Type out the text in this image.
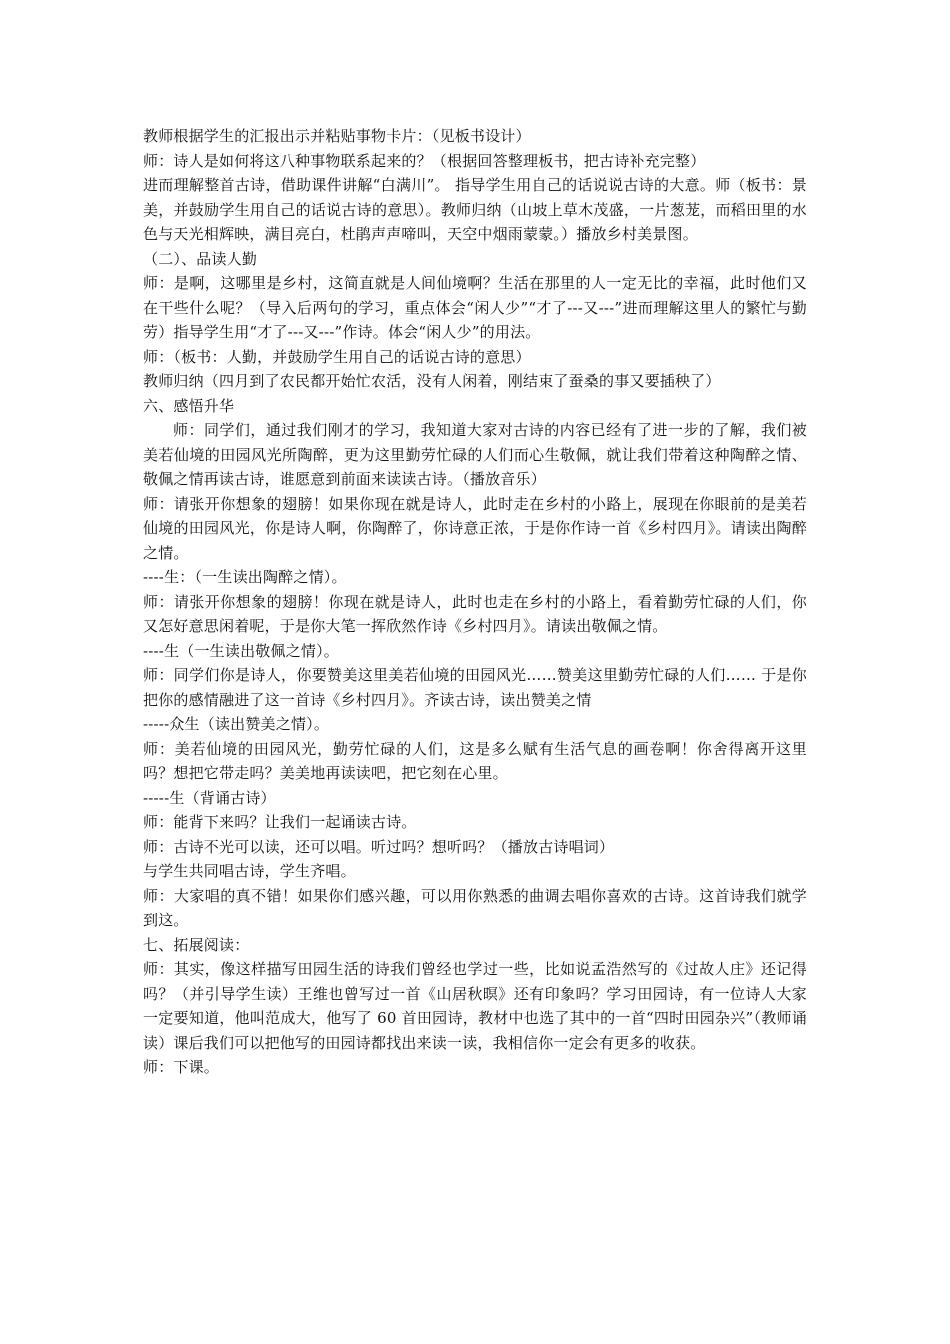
教师根据学生的汇报出示并粘贴事物卡片：（见板书设计）

师：诗人是如何将这八种事物联系起来的？（根据回答整理板书，把古诗补充完整）

进而理解整首古诗，借助课件讲解“白满川”。 指导学生用自己的话说说古诗的大意。师（板书：景美，并鼓励学生用自己的话说古诗的意思）。教师归纳（山坡上草木茂盛，一片葱茏，而稻田里的水色与天光相辉映，满目亮白，杜鹃声声啼叫，天空中烟雨蒙蒙。）播放乡村美景图。

（二）、品读人勤

师：是啊，这哪里是乡村，这简直就是人间仙境啊？生活在那里的人一定无比的幸福，此时他们又在干些什么呢？（导入后两句的学习，重点体会“闲人少”“才了---又---”进而理解这里人的繁忙与勤劳）指导学生用“才了---又---”作诗。体会“闲人少”的用法。

师：（板书：人勤，并鼓励学生用自己的话说古诗的意思）

教师归纳（四月到了农民都开始忙农活，没有人闲着，刚结束了蚕桑的事又要插秧了）

六、感悟升华

师：同学们，通过我们刚才的学习，我知道大家对古诗的内容已经有了进一步的了解，我们被美若仙境的田园风光所陶醉，更为这里勤劳忙碌的人们而心生敬佩，就让我们带着这种陶醉之情、敬佩之情再读古诗，谁愿意到前面来读读古诗。（播放音乐）

师：请张开你想象的翅膀！如果你现在就是诗人，此时走在乡村的小路上，展现在你眼前的是美若仙境的田园风光，你是诗人啊，你陶醉了，你诗意正浓，于是你作诗一首《乡村四月》。请读出陶醉之情。

----生：（一生读出陶醉之情）。

师：请张开你想象的翅膀！你现在就是诗人，此时也走在乡村的小路上，看着勤劳忙碌的人们，你又怎好意思闲着呢，于是你大笔一挥欣然作诗《乡村四月》。请读出敬佩之情。

----生（一生读出敬佩之情）。

师：同学们你是诗人，你要赞美这里美若仙境的田园风光……赞美这里勤劳忙碌的人们…… 于是你把你的感情融进了这一首诗《乡村四月》。齐读古诗，读出赞美之情

-----众生（读出赞美之情）。

师：美若仙境的田园风光，勤劳忙碌的人们，这是多么赋有生活气息的画卷啊！你舍得离开这里吗？想把它带走吗？美美地再读读吧，把它刻在心里。

-----生（背诵古诗）

师：能背下来吗？让我们一起诵读古诗。

师：古诗不光可以读，还可以唱。听过吗？想听吗？（播放古诗唱词）

与学生共同唱古诗，学生齐唱。

师：大家唱的真不错！如果你们感兴趣，可以用你熟悉的曲调去唱你喜欢的古诗。这首诗我们就学到这。

七、拓展阅读：

师：其实，像这样描写田园生活的诗我们曾经也学过一些，比如说孟浩然写的《过故人庄》还记得吗？（并引导学生读）王维也曾写过一首《山居秋暝》还有印象吗？学习田园诗，有一位诗人大家一定要知道，他叫范成大，他写了 60 首田园诗，教材中也选了其中的一首“四时田园杂兴”（教师诵读）课后我们可以把他写的田园诗都找出来读一读，我相信你一定会有更多的收获。

师：下课。
